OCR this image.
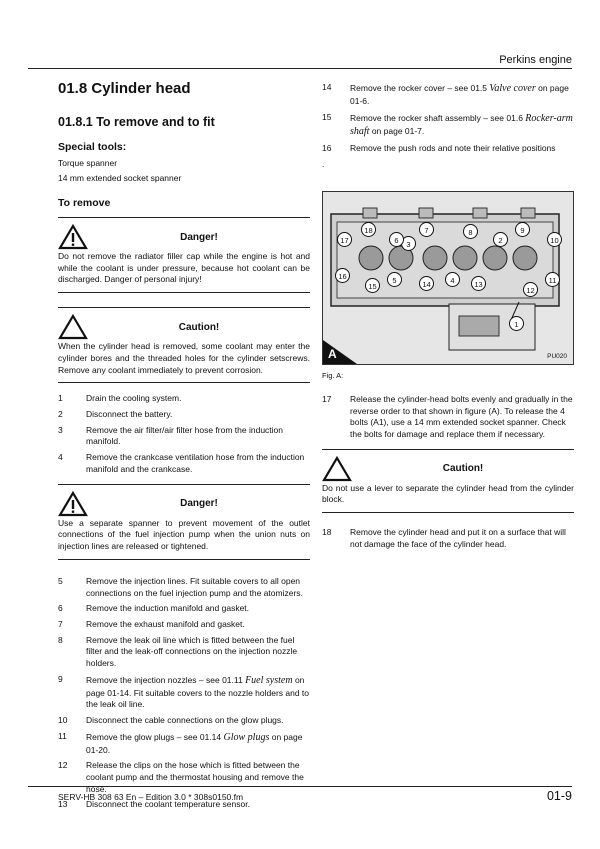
Perkins engine
01.8 Cylinder head
01.8.1 To remove and to fit
Special tools:
Torque spanner
14 mm extended socket spanner
To remove
Danger!
Do not remove the radiator filler cap while the engine is hot and while the coolant is under pressure, because hot coolant can be discharged. Danger of personal injury!
Caution!
When the cylinder head is removed, some coolant may enter the cylinder bores and the threaded holes for the cylinder setscrews. Remove any coolant immediately to prevent corrosion.
1	Drain the cooling system.
2	Disconnect the battery.
3	Remove the air filter/air filter hose from the induction manifold.
4	Remove the crankcase ventilation hose from the induction manifold and the crankcase.
Danger!
Use a separate spanner to prevent movement of the outlet connections of the fuel injection pump when the union nuts on injection lines are released or tightened.
5	Remove the injection lines. Fit suitable covers to all open connections on the fuel injection pump and the atomizers.
6	Remove the induction manifold and gasket.
7	Remove the exhaust manifold and gasket.
8	Remove the leak oil line which is fitted between the fuel filter and the leak-off connections on the injection nozzle holders.
9	Remove the injection nozzles – see 01.11 Fuel system on page 01-14. Fit suitable covers to the nozzle holders and to the leak oil line.
10	Disconnect the cable connections on the glow plugs.
11	Remove the glow plugs – see 01.14 Glow plugs on page 01-20.
12	Release the clips on the hose which is fitted between the coolant pump and the thermostat housing and remove the hose.
13	Disconnect the coolant temperature sensor.
14	Remove the rocker cover – see 01.5 Valve cover on page 01-6.
15	Remove the rocker shaft assembly – see 01.6 Rocker-arm shaft on page 01-7.
16	Remove the push rods and note their relative positions
.
A	PU020
1
2
3
4
5
6
7	8	9
10
11
12
13
14
15
16
17
18
Fig. A:
17	Release the cylinder-head bolts evenly and gradually in the reverse order to that shown in figure (A). To release the 4 bolts (A1), use a 14 mm extended socket spanner. Check the bolts for damage and replace them if necessary.
Caution!
Do not use a lever to separate the cylinder head from the cylinder block.
18	Remove the cylinder head and put it on a surface that will not damage the face of the cylinder head.
SERV-HB 308 63 En – Edition 3.0 * 308s0150.fm	01-9
